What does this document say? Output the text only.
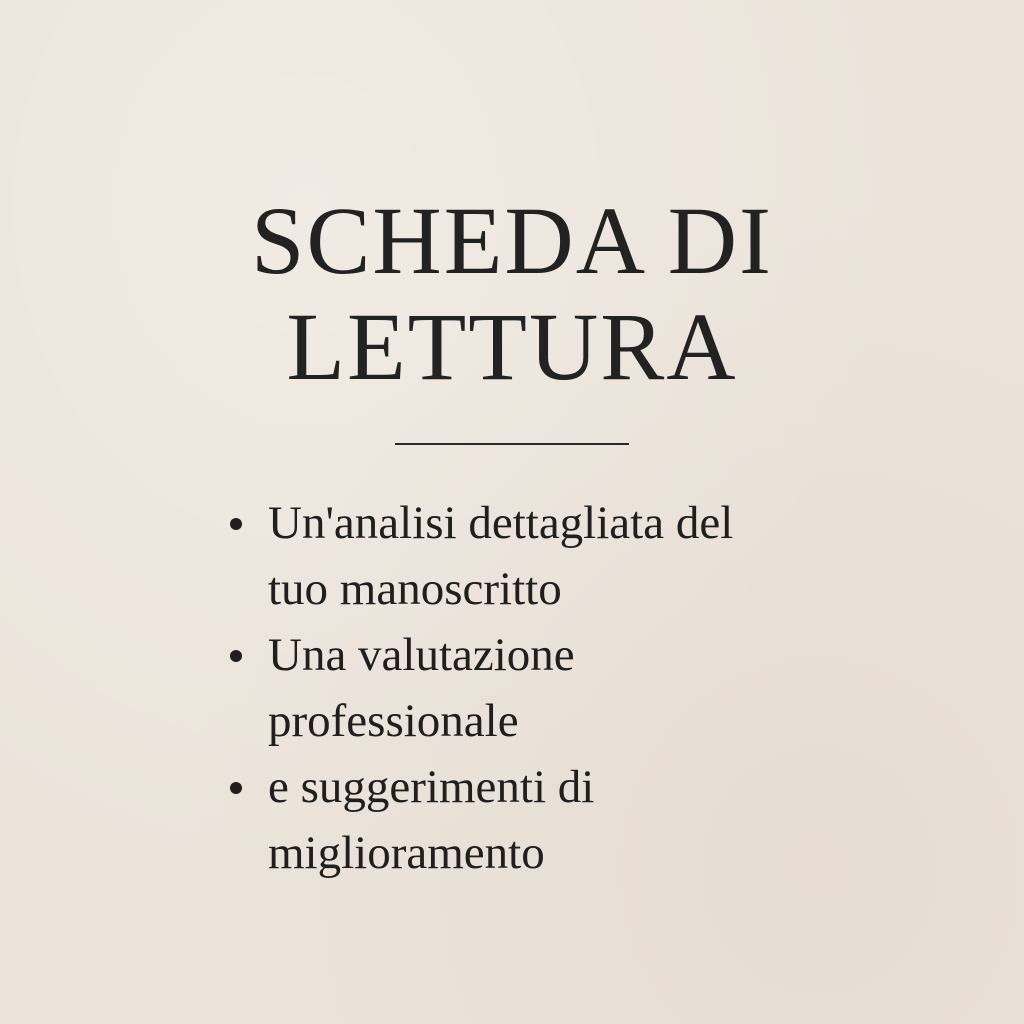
SCHEDA DI
LETTURA
Un'analisi dettagliata del
tuo manoscritto
Una valutazione
professionale
e suggerimenti di
miglioramento
